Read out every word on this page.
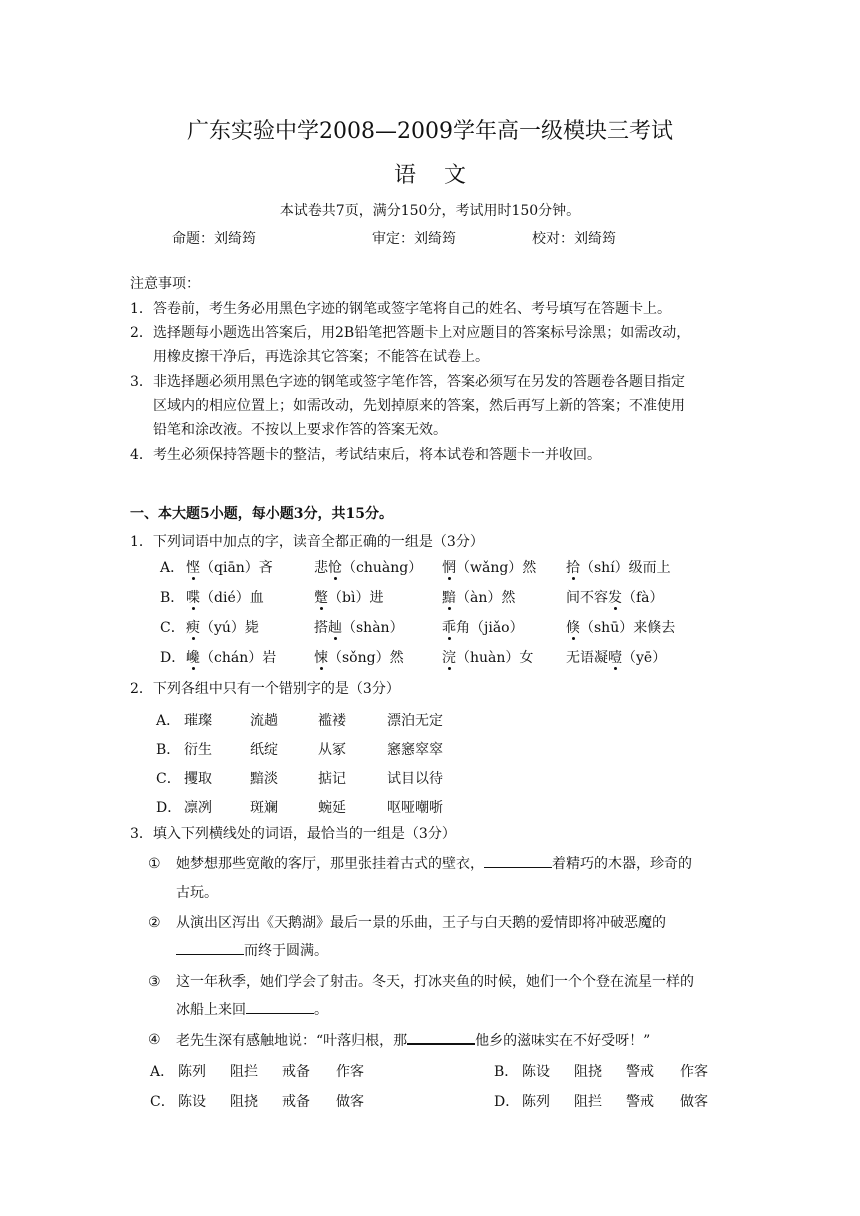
广东实验中学2008—2009学年高一级模块三考试
语文
本试卷共7页，满分150分，考试用时150分钟。
命题：刘绮筠	审定：刘绮筠	校对：刘绮筠
注意事项：
1． 答卷前，考生务必用黑色字迹的钢笔或签字笔将自己的姓名、考号填写在答题卡上。
2． 选择题每小题选出答案后，用2B铅笔把答题卡上对应题目的答案标号涂黑；如需改动，
用橡皮擦干净后，再选涂其它答案；不能答在试卷上。
3． 非选择题必须用黑色字迹的钢笔或签字笔作答，答案必须写在另发的答题卷各题目指定
区域内的相应位置上；如需改动，先划掉原来的答案，然后再写上新的答案；不准使用
铅笔和涂改液。不按以上要求作答的答案无效。
4． 考生必须保持答题卡的整洁，考试结束后，将本试卷和答题卡一并收回。
一、本大题5小题，每小题3分，共15分。
1．下列词语中加点的字，读音全都正确的一组是（3分）
A． 悭（qiān）吝	悲怆（chuàng） 惘（wǎng）然 拾（shí）级而上
B． 喋（dié）血	蹩（bì）进	黯（àn）然	间不容发（fà）
C． 瘐（yú）毙	搭赸（shàn）	乖角（jiǎo）	倏（shū）来倏去
D． 巉（chán）岩	悚（sǒng）然	浣（huàn）女 无语凝噎（yē）
2．下列各组中只有一个错别字的是（3分）
A． 璀璨	流趟	褴褛	漂泊无定
B． 衍生	纸绽	从冢	窸窸窣窣
C． 攫取	黯淡	掂记	试目以待
D． 凛冽	斑斓	蜿延	呕哑嘲哳
3．填入下列横线处的词语，最恰当的一组是（3分）
① 她梦想那些宽敞的客厅，那里张挂着古式的壁衣，	着精巧的木器，珍奇的
古玩。
② 从演出区泻出《天鹅湖》最后一景的乐曲，王子与白天鹅的爱情即将冲破恶魔的
而终于圆满。
③ 这一年秋季，她们学会了射击。冬天，打冰夹鱼的时候，她们一个个登在流星一样的
冰船上来回	。
④ 老先生深有感触地说：“叶落归根，那	他乡的滋味实在不好受呀！”
A． 陈列 阻拦 戒备 作客	B． 陈设 阻挠 警戒 作客
C． 陈设 阻挠 戒备 做客	D． 陈列 阻拦 警戒 做客
